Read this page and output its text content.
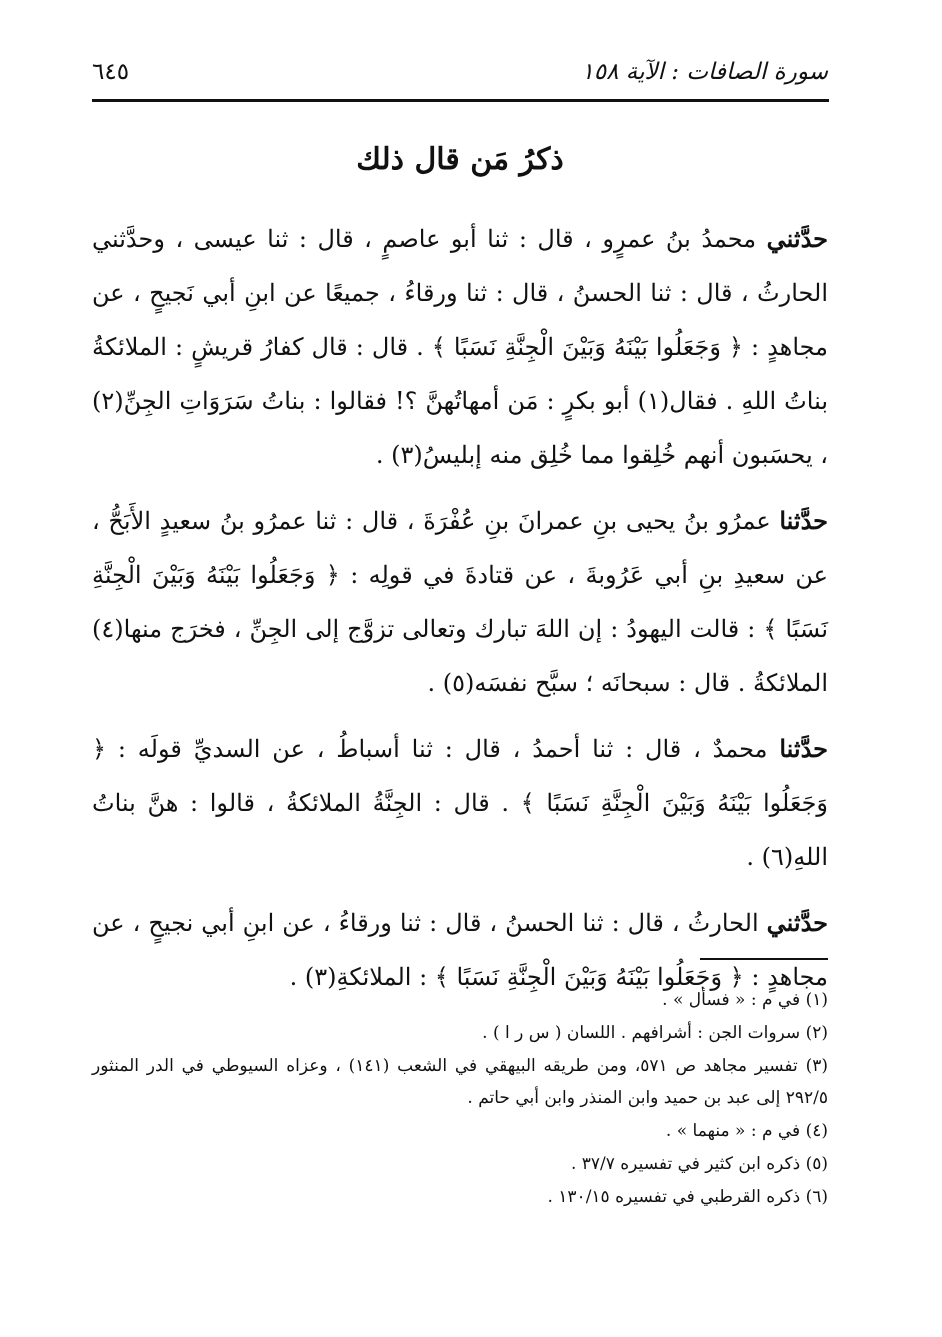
سورة الصافات : الآية ١٥٨
٦٤٥
ذكرُ مَن قال ذلك

حدَّثني محمدُ بنُ عمرٍو ، قال : ثنا أبو عاصمٍ ، قال : ثنا عيسى ، وحدَّثني الحارثُ ، قال : ثنا الحسنُ ، قال : ثنا ورقاءُ ، جميعًا عن ابنِ أبي نَجيحٍ ، عن مجاهدٍ : ﴿ وَجَعَلُوا بَيْنَهُ وَبَيْنَ الْجِنَّةِ نَسَبًا ﴾ . قال : قال كفارُ قريشٍ : الملائكةُ بناتُ اللهِ . فقال(١) أبو بكرٍ : مَن أمهاتُهنَّ ؟! فقالوا : بناتُ سَرَوَاتِ الجِنِّ(٢) ، يحسَبون أنهم خُلِقوا مما خُلِق منه إبليسُ(٣) .

حدَّثنا عمرُو بنُ يحيى بنِ عمرانَ بنِ عُفْرَةَ ، قال : ثنا عمرُو بنُ سعيدٍ الأَبَحُّ ، عن سعيدِ بنِ أبي عَرُوبةَ ، عن قتادةَ في قولِه : ﴿ وَجَعَلُوا بَيْنَهُ وَبَيْنَ الْجِنَّةِ نَسَبًا ﴾ : قالت اليهودُ : إن اللهَ تبارك وتعالى تزوَّج إلى الجِنِّ ، فخرَج منها(٤) الملائكةُ . قال : سبحانَه ؛ سبَّح نفسَه(٥) .

حدَّثنا محمدٌ ، قال : ثنا أحمدُ ، قال : ثنا أسباطُ ، عن السديِّ قولَه : ﴿ وَجَعَلُوا بَيْنَهُ وَبَيْنَ الْجِنَّةِ نَسَبًا ﴾ . قال : الجِنَّةُ الملائكةُ ، قالوا : هنَّ بناتُ اللهِ(٦) .

حدَّثني الحارثُ ، قال : ثنا الحسنُ ، قال : ثنا ورقاءُ ، عن ابنِ أبي نجيحٍ ، عن مجاهدٍ : ﴿ وَجَعَلُوا بَيْنَهُ وَبَيْنَ الْجِنَّةِ نَسَبًا ﴾ : الملائكةِ(٣) .

(١) في م : « فسأل » .

(٢) سروات الجن : أشرافهم . اللسان ( س ر ا ) .

(٣) تفسير مجاهد ص ٥٧١، ومن طريقه البيهقي في الشعب (١٤١) ، وعزاه السيوطي في الدر المنثور ٢٩٢/٥ إلى عبد بن حميد وابن المنذر وابن أبي حاتم .

(٤) في م : « منهما » .

(٥) ذكره ابن كثير في تفسيره ٣٧/٧ .

(٦) ذكره القرطبي في تفسيره ١٣٠/١٥ .
